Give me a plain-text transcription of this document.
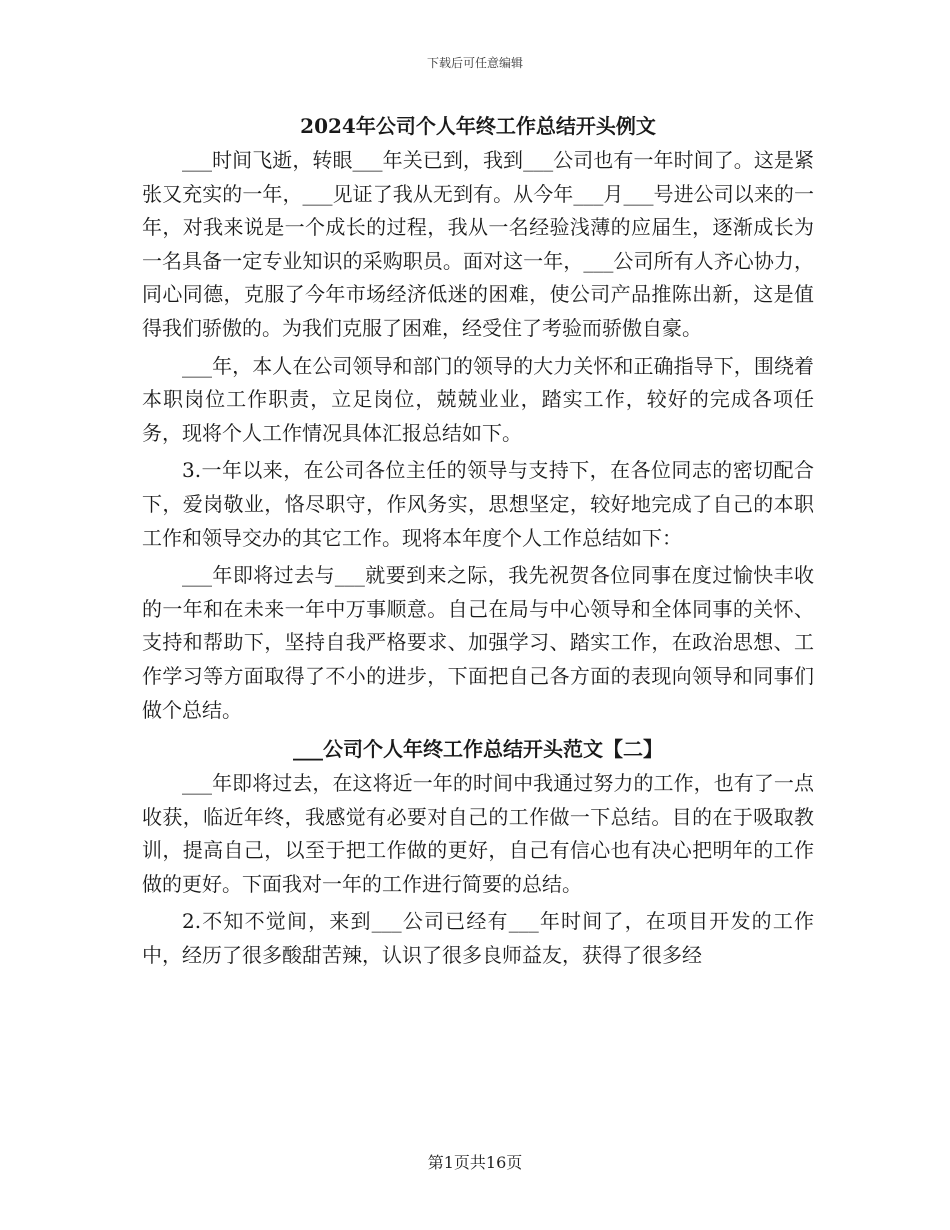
下载后可任意编辑
2024年公司个人年终工作总结开头例文

___时间飞逝，转眼___年关已到，我到___公司也有一年时间了。这是紧张又充实的一年，___见证了我从无到有。从今年___月___号进公司以来的一年，对我来说是一个成长的过程，我从一名经验浅薄的应届生，逐渐成长为一名具备一定专业知识的采购职员。面对这一年，___公司所有人齐心协力，同心同德，克服了今年市场经济低迷的困难，使公司产品推陈出新，这是值得我们骄傲的。为我们克服了困难，经受住了考验而骄傲自豪。

___年，本人在公司领导和部门的领导的大力关怀和正确指导下，围绕着本职岗位工作职责，立足岗位，兢兢业业，踏实工作，较好的完成各项任务，现将个人工作情况具体汇报总结如下。

3.一年以来，在公司各位主任的领导与支持下，在各位同志的密切配合下，爱岗敬业，恪尽职守，作风务实，思想坚定，较好地完成了自己的本职工作和领导交办的其它工作。现将本年度个人工作总结如下：

___年即将过去与___就要到来之际，我先祝贺各位同事在度过愉快丰收的一年和在未来一年中万事顺意。自己在局与中心领导和全体同事的关怀、支持和帮助下，坚持自我严格要求、加强学习、踏实工作，在政治思想、工作学习等方面取得了不小的进步，下面把自己各方面的表现向领导和同事们做个总结。

___公司个人年终工作总结开头范文【二】

___年即将过去，在这将近一年的时间中我通过努力的工作，也有了一点收获，临近年终，我感觉有必要对自己的工作做一下总结。目的在于吸取教训，提高自己，以至于把工作做的更好，自己有信心也有决心把明年的工作做的更好。下面我对一年的工作进行简要的总结。

2.不知不觉间，来到___公司已经有___年时间了，在项目开发的工作中，经历了很多酸甜苦辣，认识了很多良师益友，获得了很多经

第1页共16页
